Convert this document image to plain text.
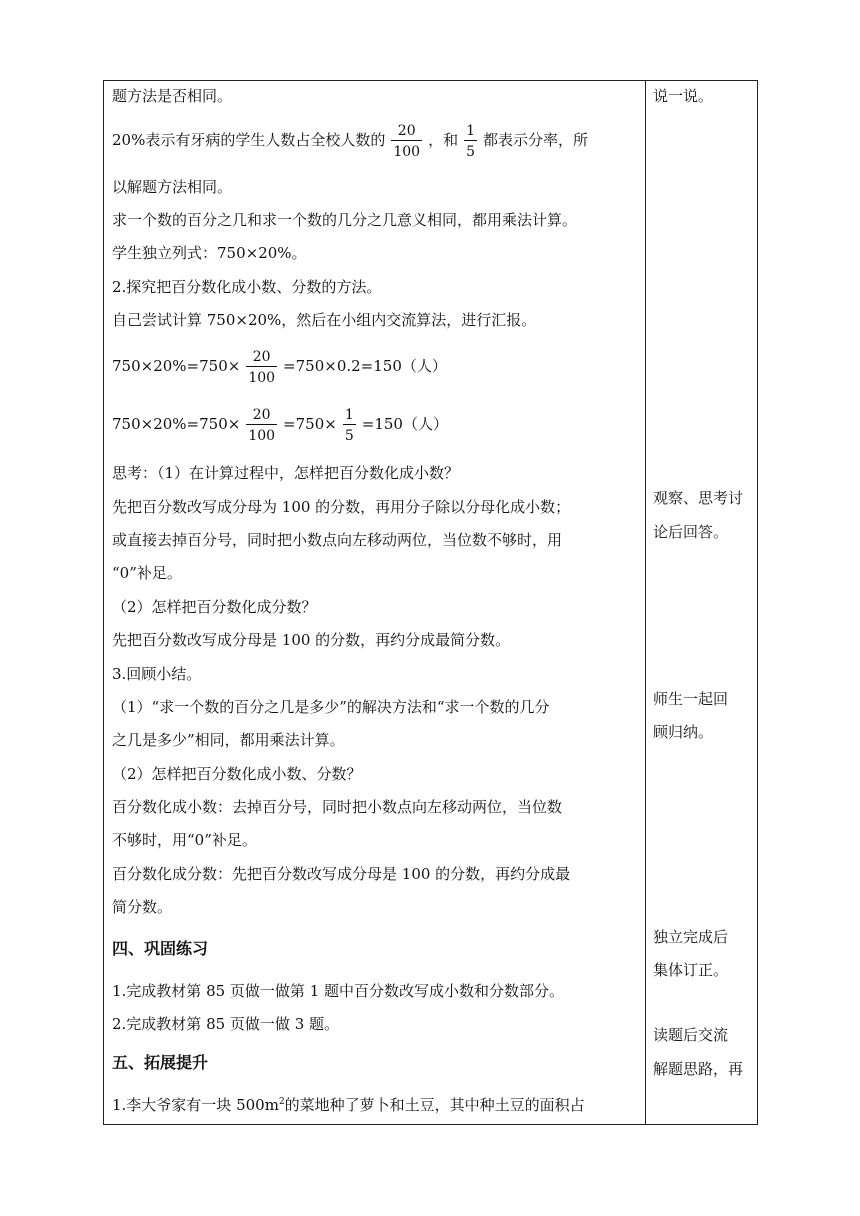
题方法是否相同。
20%表示有牙病的学生人数占全校人数的 $\frac{20}{100}$ ，和 $\frac{1}{5}$ 都表示分率，所
以解题方法相同。
求一个数的百分之几和求一个数的几分之几意义相同，都用乘法计算。
学生独立列式：750×20%。
2.探究把百分数化成小数、分数的方法。
自己尝试计算 750×20%，然后在小组内交流算法，进行汇报。
$750\times 20\%=750\times \frac{20}{100} =750\times 0.2=150$（人）
$750\times 20\%=750\times \frac{20}{100} =750\times \frac{1}{5} =150$（人）
思考：（1）在计算过程中，怎样把百分数化成小数？
先把百分数改写成分母为 100 的分数，再用分子除以分母化成小数；
或直接去掉百分号，同时把小数点向左移动两位，当位数不够时，用
“0”补足。
（2）怎样把百分数化成分数？
先把百分数改写成分母是 100 的分数，再约分成最简分数。
3.回顾小结。
（1）“求一个数的百分之几是多少”的解决方法和“求一个数的几分
之几是多少”相同，都用乘法计算。
（2）怎样把百分数化成小数、分数？
百分数化成小数：去掉百分号，同时把小数点向左移动两位，当位数
不够时，用“0”补足。
百分数化成分数：先把百分数改写成分母是 100 的分数，再约分成最
简分数。
四、巩固练习
1.完成教材第 85 页做一做第 1 题中百分数改写成小数和分数部分。
2.完成教材第 85 页做一做 3 题。
五、拓展提升
1.李大爷家有一块 $500m^2$的菜地种了萝卜和土豆，其中种土豆的面积占
说一说。
观察、思考讨
论后回答。
师生一起回
顾归纳。
独立完成后
集体订正。
读题后交流
解题思路，再
